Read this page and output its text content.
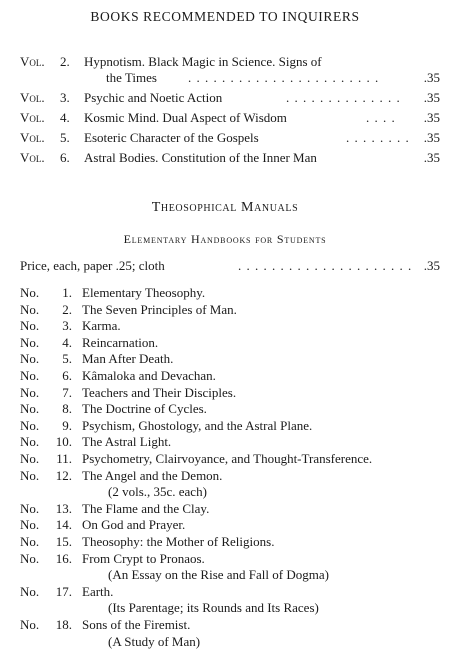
BOOKS RECOMMENDED TO INQUIRERS
Vol. 2. Hypnotism. Black Magic in Science. Signs of
the Times . . . . . . . . . . . . . . . . . . . . . . .	.35
Vol. 3. Psychic and Noetic Action	. . . . . . . . . . . . . . .35
Vol. 4. Kosmic Mind. Dual Aspect of Wisdom	. . . . .35
Vol. 5. Esoteric Character of the Gospels	. . . . . . . . .35
Vol. 6. Astral Bodies. Constitution of the Inner Man	.35
Theosophical Manuals
Elementary Handbooks for Students
Price, each, paper .25; cloth	. . . . . . . . . . . . . . . . . . . . . .35
No.	1. Elementary Theosophy.
No.	2. The Seven Principles of Man.
No.	3. Karma.
No.	4. Reincarnation.
No.	5. Man After Death.
No.	6. Kâmaloka and Devachan.
No.	7. Teachers and Their Disciples.
No.	8. The Doctrine of Cycles.
No.	9. Psychism, Ghostology, and the Astral Plane.
No.	10. The Astral Light.
No.	11. Psychometry, Clairvoyance, and Thought-Transference.
No.	12. The Angel and the Demon.
(2 vols., 35c. each)
No.	13. The Flame and the Clay.
No.	14. On God and Prayer.
No.	15. Theosophy: the Mother of Religions.
No.	16. From Crypt to Pronaos.
(An Essay on the Rise and Fall of Dogma)
No.	17. Earth.
(Its Parentage; its Rounds and Its Races)
No.	18. Sons of the Firemist.
(A Study of Man)
